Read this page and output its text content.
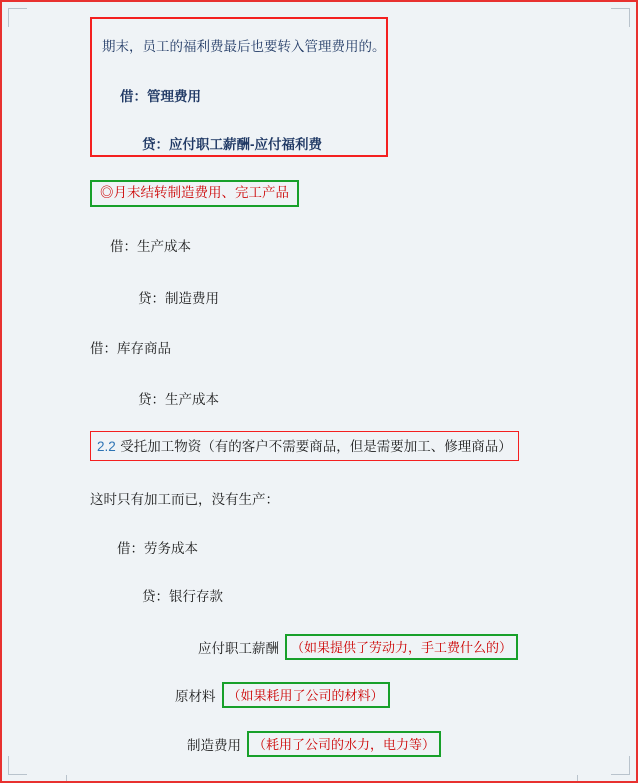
期末，员工的福利费最后也要转入管理费用的。
借：管理费用
贷：应付职工薪酬-应付福利费
◎月末结转制造费用、完工产品
借：生产成本
贷：制造费用
借：库存商品
贷：生产成本
2.2 受托加工物资（有的客户不需要商品，但是需要加工、修理商品）
这时只有加工而已，没有生产：
借：劳务成本
贷：银行存款
应付职工薪酬 （如果提供了劳动力，手工费什么的）
原材料 （如果耗用了公司的材料）
制造费用 （耗用了公司的水力，电力等）
